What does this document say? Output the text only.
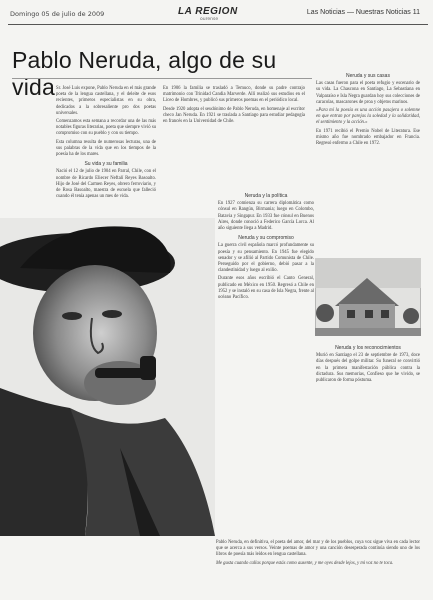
Domingo 05 de julio de 2009	LA REGION
ourense
Las Noticias — Nuestras Noticias 11
Pablo Neruda, algo de su vida Sr. José Luis expone, Pablo Neruda en el más grande poeta de la lengua castellana, y el deleite de esos recientes, primeros especialistas en su obra, dedicados a la sobresaliente pro dos poetas universales.

Comenzamos esta semana a recordar una de las más notables figuras literarias, poeta que siempre vivió su compromiso con su pueblo y con su tiempo.

Esta columna resulta de numerosas lecturas, una de sus palabras de la vida que en los tiempos de la poesía ha de los mares.

Su vida y su familia

Nació el 12 de julio de 1904 en Parral, Chile, con el nombre de Ricardo Eliecer Neftalí Reyes Basoalto. Hijo de José del Carmen Reyes, obrero ferroviario, y de Rosa Basoalto, maestra de escuela que falleció cuando él tenía apenas un mes de vida.

En 1906 la familia se trasladó a Temuco, donde su padre contrajo matrimonio con Trinidad Candia Marverde. Allí realizó sus estudios en el Liceo de Hombres, y publicó sus primeros poemas en el periódico local.

Desde 1920 adopta el seudónimo de Pablo Neruda, en homenaje al escritor checo Jan Neruda. En 1921 se traslada a Santiago para estudiar pedagogía en francés en la Universidad de Chile.

Neruda y la política

En 1927 comienza su carrera diplomática como cónsul en Rangún, Birmania; luego en Colombo, Batavia y Singapur. En 1933 fue cónsul en Buenos Aires, donde conoció a Federico García Lorca. Al año siguiente llega a Madrid.

Neruda y su compromiso

La guerra civil española marcó profundamente su poesía y su pensamiento. En 1945 fue elegido senador y se afilió al Partido Comunista de Chile. Perseguido por el gobierno, debió pasar a la clandestinidad y luego al exilio.

Durante esos años escribió el Canto General, publicado en México en 1950. Regresó a Chile en 1952 y se instaló en su casa de Isla Negra, frente al océano Pacífico.

Neruda y sus casas

Las casas fueron para el poeta refugio y escenario de su vida. La Chascona en Santiago, La Sebastiana en Valparaíso e Isla Negra guardan hoy sus colecciones de caracolas, mascarones de proa y objetos marinos.

«Para mí la poesía es una acción pasajera o solemne en que entran por parejas la soledad y la solidaridad, el sentimiento y la acción.»

En 1971 recibió el Premio Nobel de Literatura. Ese mismo año fue nombrado embajador en Francia. Regresó enfermo a Chile en 1972.

Neruda y los reconocimientos

Murió en Santiago el 23 de septiembre de 1973, doce días después del golpe militar. Su funeral se convirtió en la primera manifestación pública contra la dictadura. Sus memorias, Confieso que he vivido, se publicaron de forma póstuma.

Pablo Neruda, en definitiva, el poeta del amor, del mar y de los pueblos, cuya voz sigue viva en cada lector que se acerca a sus versos. Veinte poemas de amor y una canción desesperada continúa siendo uno de los libros de poesía más leídos en lengua castellana.

Me gusta cuando callas porque estás como ausente, y me oyes desde lejos, y mi voz no te toca.
